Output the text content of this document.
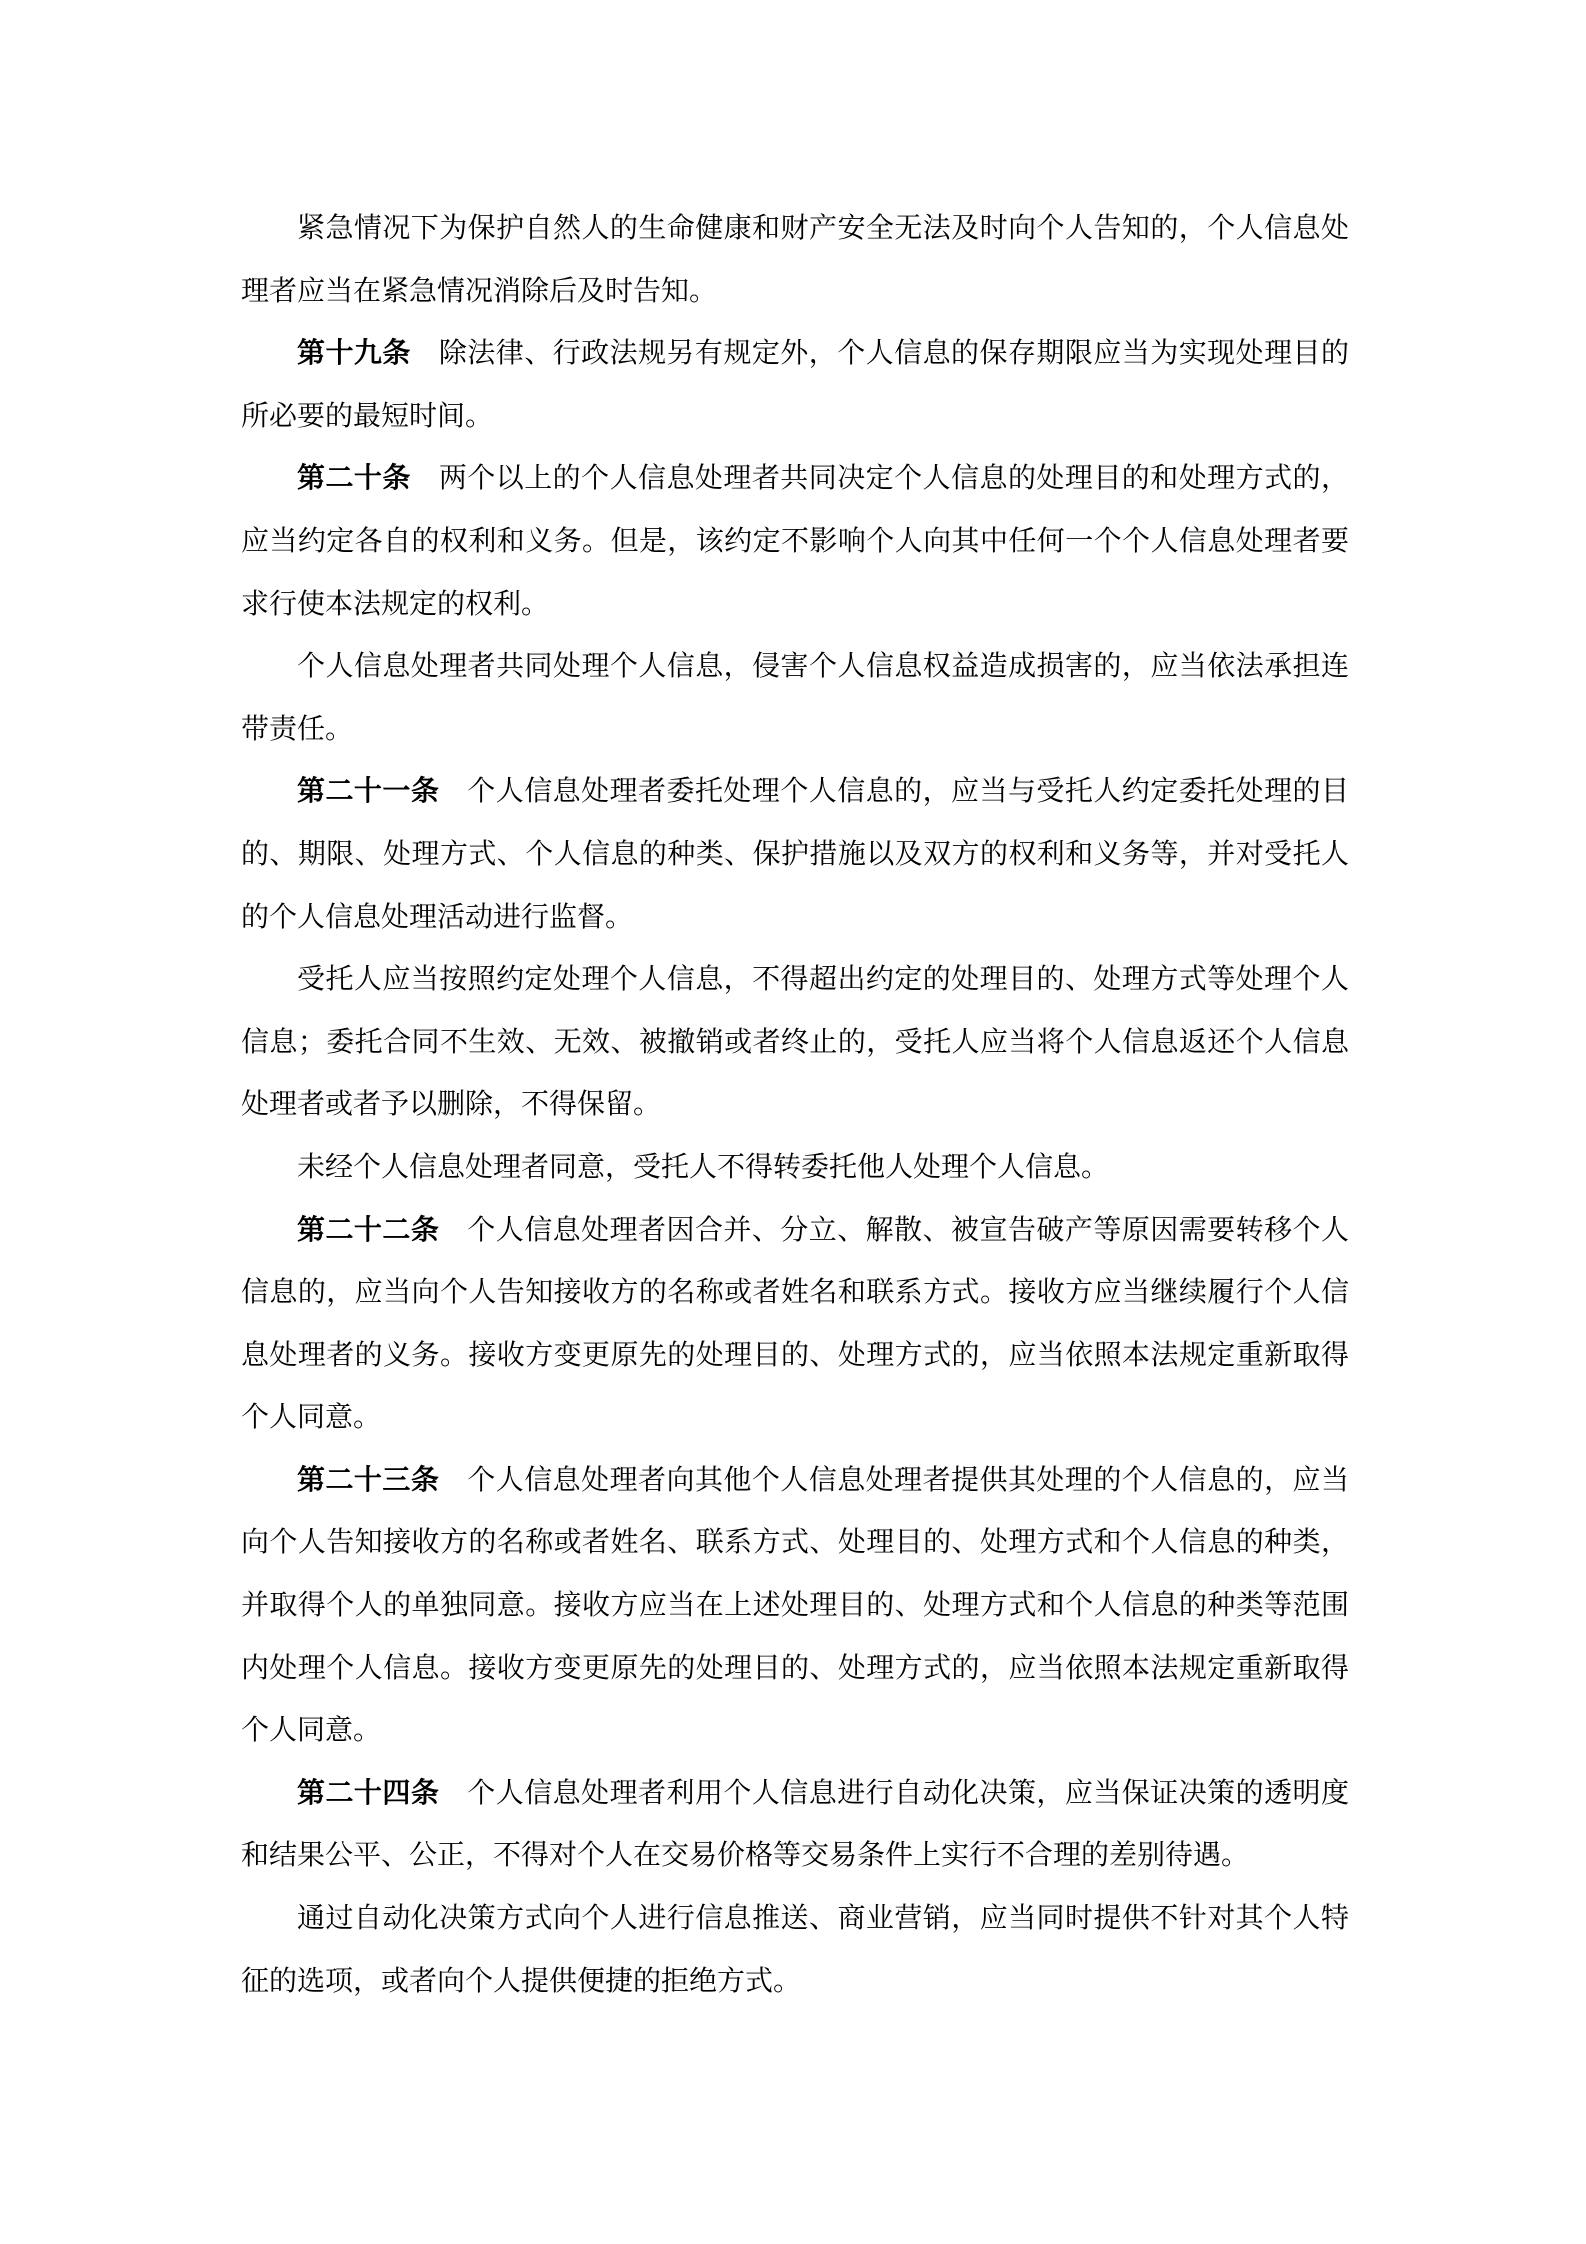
紧急情况下为保护自然人的生命健康和财产安全无法及时向个人告知的，个人信息处
理者应当在紧急情况消除后及时告知。
第十九条 除法律、行政法规另有规定外，个人信息的保存期限应当为实现处理目的
所必要的最短时间。
第二十条 两个以上的个人信息处理者共同决定个人信息的处理目的和处理方式的，
应当约定各自的权利和义务。但是，该约定不影响个人向其中任何一个个人信息处理者要
求行使本法规定的权利。
个人信息处理者共同处理个人信息，侵害个人信息权益造成损害的，应当依法承担连
带责任。
第二十一条 个人信息处理者委托处理个人信息的，应当与受托人约定委托处理的目
的、期限、处理方式、个人信息的种类、保护措施以及双方的权利和义务等，并对受托人
的个人信息处理活动进行监督。
受托人应当按照约定处理个人信息，不得超出约定的处理目的、处理方式等处理个人
信息；委托合同不生效、无效、被撤销或者终止的，受托人应当将个人信息返还个人信息
处理者或者予以删除，不得保留。
未经个人信息处理者同意，受托人不得转委托他人处理个人信息。
第二十二条 个人信息处理者因合并、分立、解散、被宣告破产等原因需要转移个人
信息的，应当向个人告知接收方的名称或者姓名和联系方式。接收方应当继续履行个人信
息处理者的义务。接收方变更原先的处理目的、处理方式的，应当依照本法规定重新取得
个人同意。
第二十三条 个人信息处理者向其他个人信息处理者提供其处理的个人信息的，应当
向个人告知接收方的名称或者姓名、联系方式、处理目的、处理方式和个人信息的种类，
并取得个人的单独同意。接收方应当在上述处理目的、处理方式和个人信息的种类等范围
内处理个人信息。接收方变更原先的处理目的、处理方式的，应当依照本法规定重新取得
个人同意。
第二十四条 个人信息处理者利用个人信息进行自动化决策，应当保证决策的透明度
和结果公平、公正，不得对个人在交易价格等交易条件上实行不合理的差别待遇。
通过自动化决策方式向个人进行信息推送、商业营销，应当同时提供不针对其个人特
征的选项，或者向个人提供便捷的拒绝方式。
